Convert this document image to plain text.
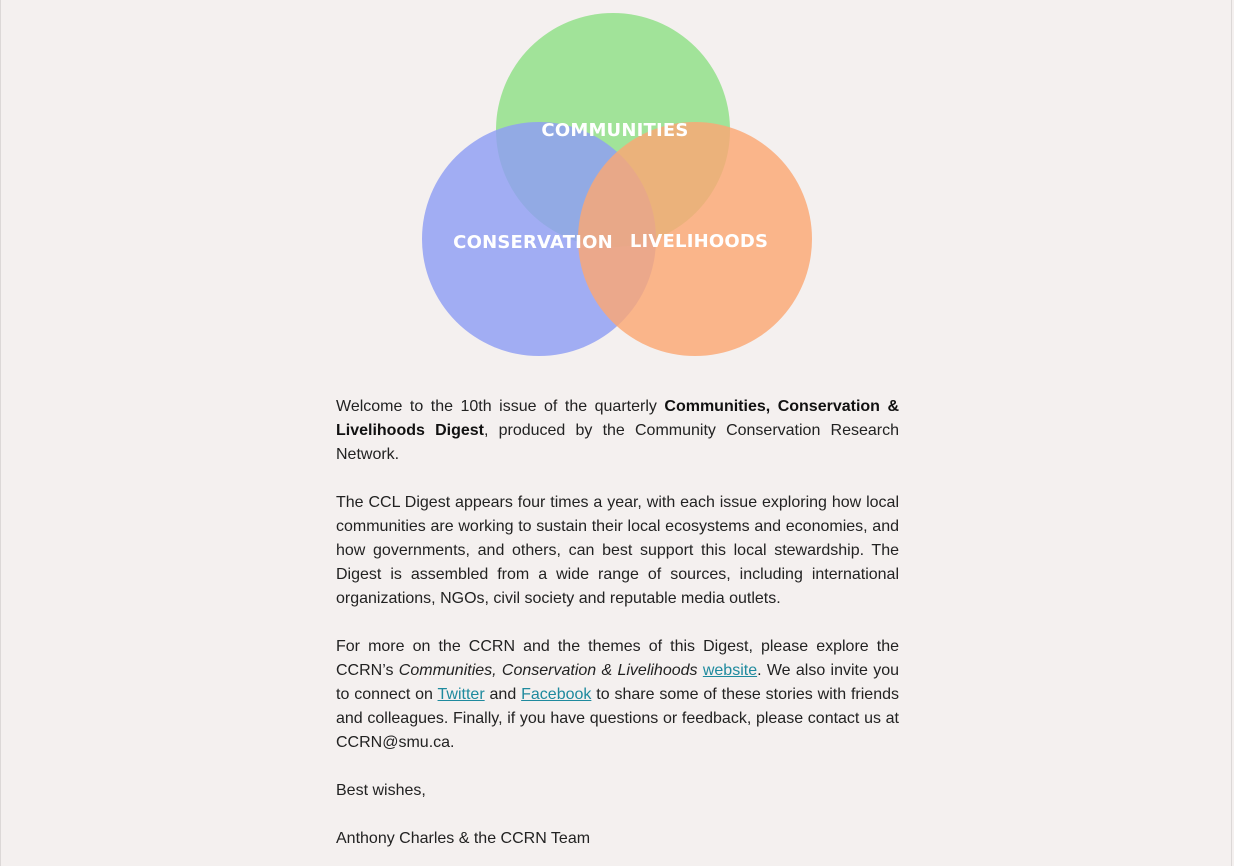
COMMUNITIES
CONSERVATION LIVELIHOODS

Welcome to the 10th issue of the quarterly Communities, Conservation & Livelihoods Digest, produced by the Community Conservation Research Network.

The CCL Digest appears four times a year, with each issue exploring how local communities are working to sustain their local ecosystems and economies, and how governments, and others, can best support this local stewardship. The Digest is assembled from a wide range of sources, including international organizations, NGOs, civil society and reputable media outlets.

For more on the CCRN and the themes of this Digest, please explore the CCRN’s Communities, Conservation & Livelihoods website. We also invite you to connect on Twitter and Facebook to share some of these stories with friends and colleagues. Finally, if you have questions or feedback, please contact us at CCRN@smu.ca.

Best wishes,

Anthony Charles & the CCRN Team
